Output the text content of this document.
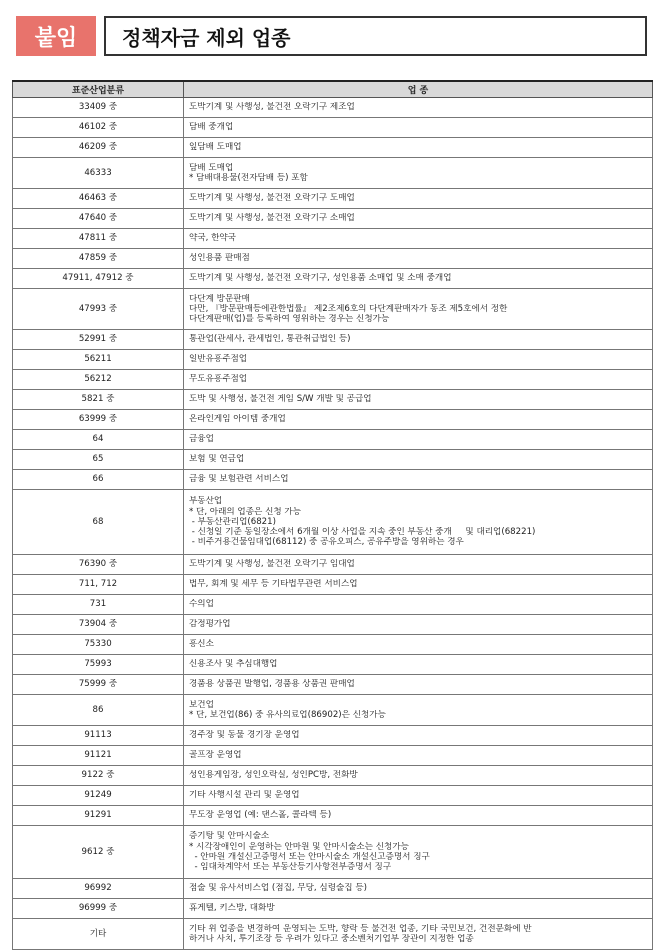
붙임	정책자금 제외 업종
표준산업분류	업 종
33409 중	도박기계 및 사행성, 불건전 오락기구 제조업

46102 중	담배 중개업

46209 중	잎담배 도매업

46333	담배 도매업
* 담배대용물(전자담배 등) 포함

46463 중	도박기계 및 사행성, 불건전 오락기구 도매업

47640 중	도박기계 및 사행성, 불건전 오락기구 소매업

47811 중	약국, 한약국

47859 중	성인용품 판매점

47911, 47912 중	도박기계 및 사행성, 불건전 오락기구, 성인용품 소매업 및 소매 중개업

47993 중	다단계 방문판매
다만, 『방문판매등에관한법률』 제2조제6호의 다단계판매자가 동조 제5호에서 정한
다단계판매(업)를 등록하여 영위하는 경우는 신청가능

52991 중	통관업(관세사, 관세법인, 통관취급법인 등)

56211	일반유흥주점업

56212	무도유흥주점업

5821 중	도박 및 사행성, 불건전 게임 S/W 개발 및 공급업

63999 중	온라인게임 아이템 중개업

64	금융업

65	보험 및 연금업

66	금융 및 보험관련 서비스업

68	부동산업
* 단, 아래의 업종은 신청 가능
- 부동산관리업(6821)
- 신청일 기준 동일장소에서 6개월 이상 사업을 지속 중인 부동산 중개     및 대리업(68221)
- 비주거용건물임대업(68112) 중 공유오피스, 공유주방을 영위하는 경우

76390 중	도박기계 및 사행성, 불건전 오락기구 임대업

711, 712	법무, 회계 및 세무 등 기타법무관련 서비스업

731	수의업

73904 중	감정평가업

75330	흥신소

75993	신용조사 및 추심대행업

75999 중	경품용 상품권 발행업, 경품용 상품권 판매업

86	보건업
* 단, 보건업(86) 중 유사의료업(86902)은 신청가능

91113	경주장 및 동물 경기장 운영업

91121	골프장 운영업

9122 중	성인용게임장, 성인오락실, 성인PC방, 전화방

91249	기타 사행시설 관리 및 운영업

91291	무도장 운영업 (예: 댄스홀, 콜라텍 등)

9612 중	증기탕 및 안마시술소
* 시각장애인이 운영하는 안마원 및 안마시술소는 신청가능
- 안마원 개설신고증명서 또는 안마시술소 개설신고증명서 징구
- 임대차계약서 또는 부동산등기사항전부증명서 징구

96992	점술 및 유사서비스업 (점집, 무당, 심령술집 등)

96999 중	휴게텔, 키스방, 대화방

기타	기타 위 업종을 변경하여 운영되는 도박, 향락 등 불건전 업종, 기타 국민보건, 건전문화에 반
하거나 사치, 투기조장 등 우려가 있다고 중소벤처기업부 장관이 지정한 업종
